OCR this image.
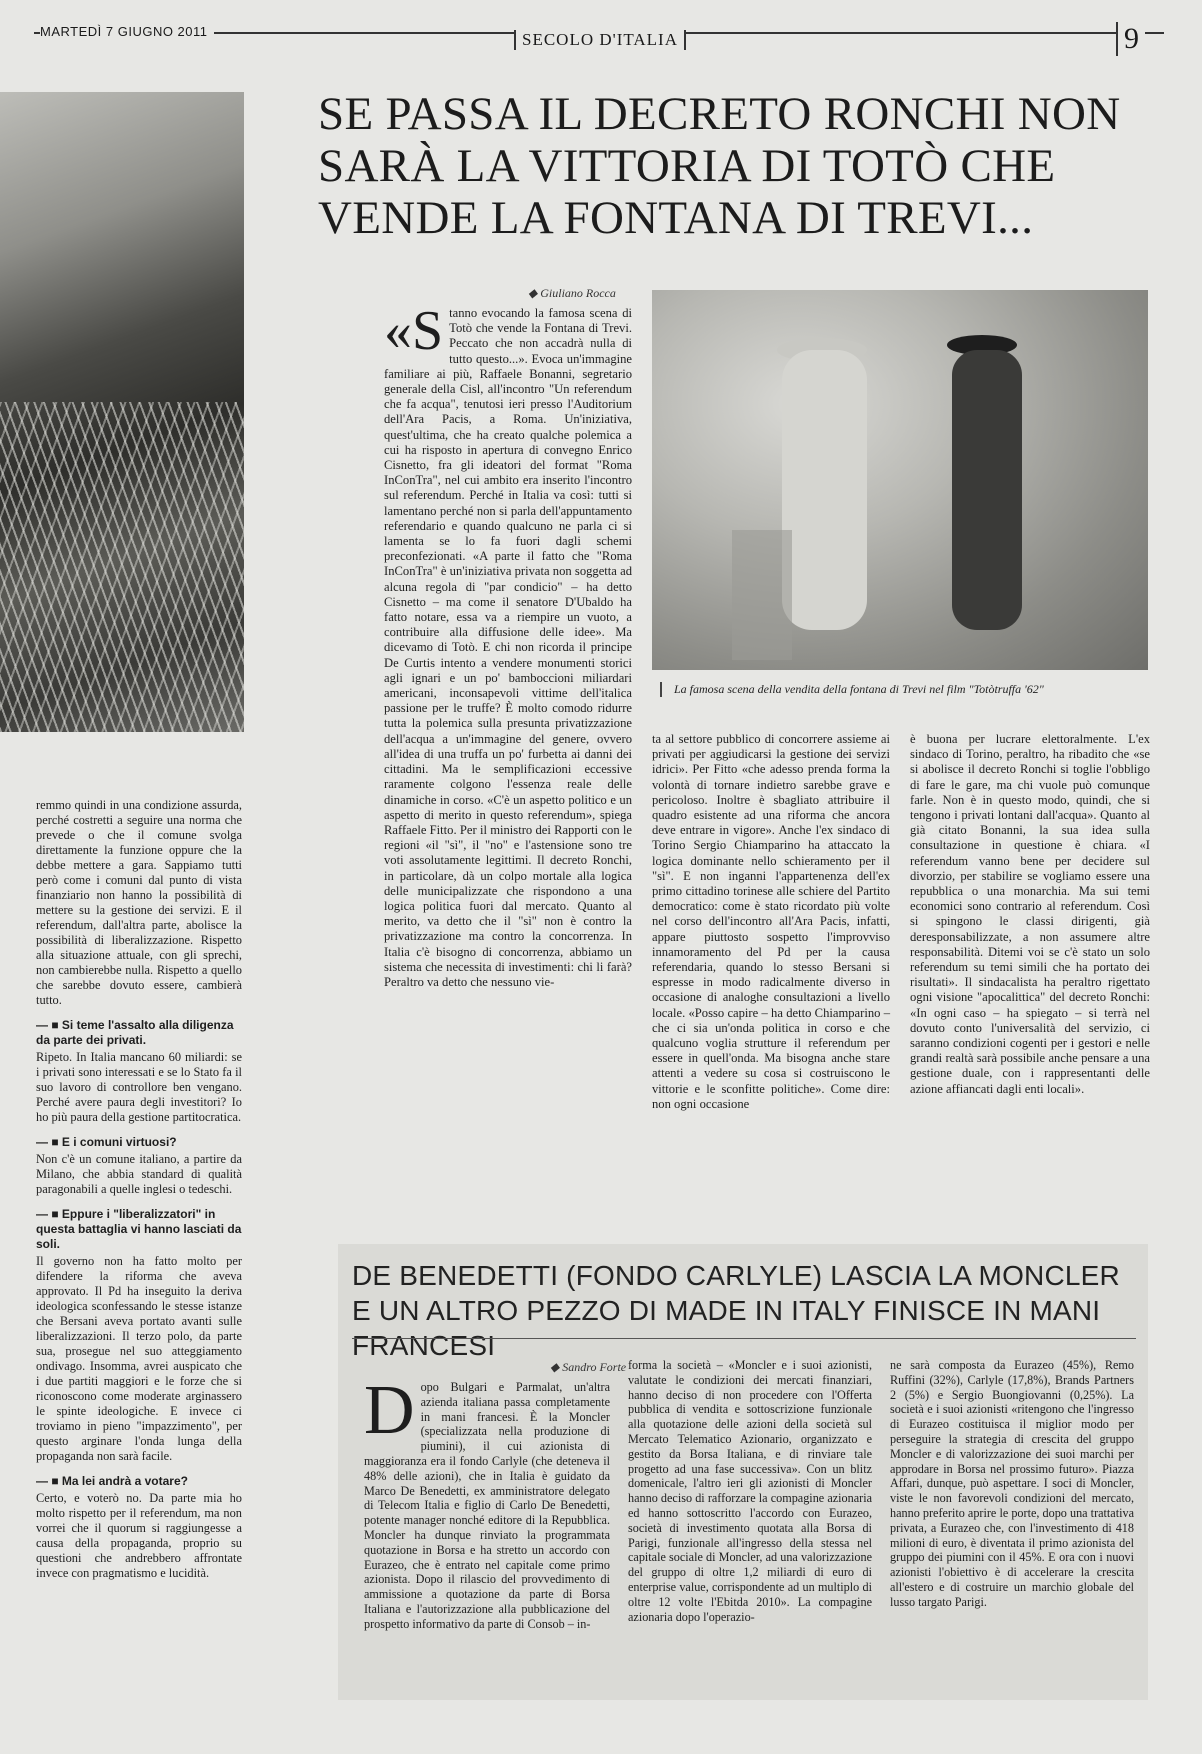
MARTEDÌ 7 GIUGNO 2011	SECOLO D'ITALIA	9
SE PASSA IL DECRETO RONCHI NON SARÀ LA VITTORIA DI TOTÒ CHE VENDE LA FONTANA DI TREVI...
◆ Giuliano Rocca
«S tanno evocando la famosa scena di Totò che vende la Fontana di Trevi. Peccato che non accadrà nulla di tutto questo...». Evoca un'immagine familiare ai più, Raffaele Bonanni, segretario generale della Cisl, all'incontro "Un referendum che fa acqua", tenutosi ieri presso l'Auditorium dell'Ara Pacis, a Roma. Un'iniziativa, quest'ultima, che ha creato qualche polemica a cui ha risposto in apertura di convegno Enrico Cisnetto, fra gli ideatori del format "Roma InConTra", nel cui ambito era inserito l'incontro sul referendum. Perché in Italia va così: tutti si lamentano perché non si parla dell'appuntamento referendario e quando qualcuno ne parla ci si lamenta se lo fa fuori dagli schemi preconfezionati. «A parte il fatto che "Roma InConTra" è un'iniziativa privata non soggetta ad alcuna regola di "par condicio" – ha detto Cisnetto – ma come il senatore D'Ubaldo ha fatto notare, essa va a riempire un vuoto, a contribuire alla diffusione delle idee». Ma dicevamo di Totò. E chi non ricorda il principe De Curtis intento a vendere monumenti storici agli ignari e un po' bamboccioni miliardari americani, inconsapevoli vittime dell'italica passione per le truffe? È molto comodo ridurre tutta la polemica sulla presunta privatizzazione dell'acqua a un'immagine del genere, ovvero all'idea di una truffa un po' furbetta ai danni dei cittadini. Ma le semplificazioni eccessive raramente colgono l'essenza reale delle dinamiche in corso. «C'è un aspetto politico e un aspetto di merito in questo referendum», spiega Raffaele Fitto. Per il ministro dei Rapporti con le regioni «il "sì", il "no" e l'astensione sono tre voti assolutamente legittimi. Il decreto Ronchi, in particolare, dà un colpo mortale alla logica delle municipalizzate che rispondono a una logica politica fuori dal mercato. Quanto al merito, va detto che il "sì" non è contro la privatizzazione ma contro la concorrenza. In Italia c'è bisogno di concorrenza, abbiamo un sistema che necessita di investimenti: chi li farà? Peraltro va detto che nessuno vie-
La famosa scena della vendita della fontana di Trevi nel film "Totòtruffa '62"
ta al settore pubblico di concorrere assieme ai privati per aggiudicarsi la gestione dei servizi idrici». Per Fitto «che adesso prenda forma la volontà di tornare indietro sarebbe grave e pericoloso. Inoltre è sbagliato attribuire il quadro esistente ad una riforma che ancora deve entrare in vigore». Anche l'ex sindaco di Torino Sergio Chiamparino ha attaccato la logica dominante nello schieramento per il "sì". E non inganni l'appartenenza dell'ex primo cittadino torinese alle schiere del Partito democratico: come è stato ricordato più volte nel corso dell'incontro all'Ara Pacis, infatti, appare piuttosto sospetto l'improvviso innamoramento del Pd per la causa referendaria, quando lo stesso Bersani si espresse in modo radicalmente diverso in occasione di analoghe consultazioni a livello locale. «Posso capire – ha detto Chiamparino – che ci sia un'onda politica in corso e che qualcuno voglia strutture il referendum per essere in quell'onda. Ma bisogna anche stare attenti a vedere su cosa si costruiscono le vittorie e le sconfitte politiche». Come dire: non ogni occasione
è buona per lucrare elettoralmente. L'ex sindaco di Torino, peraltro, ha ribadito che «se si abolisce il decreto Ronchi si toglie l'obbligo di fare le gare, ma chi vuole può comunque farle. Non è in questo modo, quindi, che si tengono i privati lontani dall'acqua». Quanto al già citato Bonanni, la sua idea sulla consultazione in questione è chiara. «I referendum vanno bene per decidere sul divorzio, per stabilire se vogliamo essere una repubblica o una monarchia. Ma sui temi economici sono contrario al referendum. Così si spingono le classi dirigenti, già deresponsabilizzate, a non assumere altre responsabilità. Ditemi voi se c'è stato un solo referendum su temi simili che ha portato dei risultati». Il sindacalista ha peraltro rigettato ogni visione "apocalittica" del decreto Ronchi: «In ogni caso – ha spiegato – si terrà nel dovuto conto l'universalità del servizio, ci saranno condizioni cogenti per i gestori e nelle grandi realtà sarà possibile anche pensare a una gestione duale, con i rappresentanti delle azione affiancati dagli enti locali».

remmo quindi in una condizione assurda, perché costretti a seguire una norma che prevede o che il comune svolga direttamente la funzione oppure che la debbe mettere a gara. Sappiamo tutti però come i comuni dal punto di vista finanziario non hanno la possibilità di mettere su la gestione dei servizi. E il referendum, dall'altra parte, abolisce la possibilità di liberalizzazione. Rispetto alla situazione attuale, con gli sprechi, non cambierebbe nulla. Rispetto a quello che sarebbe dovuto essere, cambierà tutto.

— ■ Si teme l'assalto alla diligenza da parte dei privati.

Ripeto. In Italia mancano 60 miliardi: se i privati sono interessati e se lo Stato fa il suo lavoro di controllore ben vengano. Perché avere paura degli investitori? Io ho più paura della gestione partitocratica.

— ■ E i comuni virtuosi?

Non c'è un comune italiano, a partire da Milano, che abbia standard di qualità paragonabili a quelle inglesi o tedeschi.

— ■ Eppure i "liberalizzatori" in questa battaglia vi hanno lasciati da soli.

Il governo non ha fatto molto per difendere la riforma che aveva approvato. Il Pd ha inseguito la deriva ideologica sconfessando le stesse istanze che Bersani aveva portato avanti sulle liberalizzazioni. Il terzo polo, da parte sua, prosegue nel suo atteggiamento ondivago. Insomma, avrei auspicato che i due partiti maggiori e le forze che si riconoscono come moderate arginassero le spinte ideologiche. E invece ci troviamo in pieno "impazzimento", per questo arginare l'onda lunga della propaganda non sarà facile.

— ■ Ma lei andrà a votare?

Certo, e voterò no. Da parte mia ho molto rispetto per il referendum, ma non vorrei che il quorum si raggiungesse a causa della propaganda, proprio su questioni che andrebbero affrontate invece con pragmatismo e lucidità.

DE BENEDETTI (FONDO CARLYLE) LASCIA LA MONCLER
E UN ALTRO PEZZO DI MADE IN ITALY FINISCE IN MANI FRANCESI
◆ Sandro Forte
D opo Bulgari e Parmalat, un'altra azienda italiana passa completamente in mani francesi. È la Moncler (specializzata nella produzione di piumini), il cui azionista di maggioranza era il fondo Carlyle (che deteneva il 48% delle azioni), che in Italia è guidato da Marco De Benedetti, ex amministratore delegato di Telecom Italia e figlio di Carlo De Benedetti, potente manager nonché editore di la Repubblica. Moncler ha dunque rinviato la programmata quotazione in Borsa e ha stretto un accordo con Eurazeo, che è entrato nel capitale come primo azionista. Dopo il rilascio del provvedimento di ammissione a quotazione da parte di Borsa Italiana e l'autorizzazione alla pubblicazione del prospetto informativo da parte di Consob – in-
forma la società – «Moncler e i suoi azionisti, valutate le condizioni dei mercati finanziari, hanno deciso di non procedere con l'Offerta pubblica di vendita e sottoscrizione funzionale alla quotazione delle azioni della società sul Mercato Telematico Azionario, organizzato e gestito da Borsa Italiana, e di rinviare tale progetto ad una fase successiva». Con un blitz domenicale, l'altro ieri gli azionisti di Moncler hanno deciso di rafforzare la compagine azionaria ed hanno sottoscritto l'accordo con Eurazeo, società di investimento quotata alla Borsa di Parigi, funzionale all'ingresso della stessa nel capitale sociale di Moncler, ad una valorizzazione del gruppo di oltre 1,2 miliardi di euro di enterprise value, corrispondente ad un multiplo di oltre 12 volte l'Ebitda 2010». La compagine azionaria dopo l'operazio-
ne sarà composta da Eurazeo (45%), Remo Ruffini (32%), Carlyle (17,8%), Brands Partners 2 (5%) e Sergio Buongiovanni (0,25%). La società e i suoi azionisti «ritengono che l'ingresso di Eurazeo costituisca il miglior modo per perseguire la strategia di crescita del gruppo Moncler e di valorizzazione dei suoi marchi per approdare in Borsa nel prossimo futuro». Piazza Affari, dunque, può aspettare. I soci di Moncler, viste le non favorevoli condizioni del mercato, hanno preferito aprire le porte, dopo una trattativa privata, a Eurazeo che, con l'investimento di 418 milioni di euro, è diventata il primo azionista del gruppo dei piumini con il 45%. E ora con i nuovi azionisti l'obiettivo è di accelerare la crescita all'estero e di costruire un marchio globale del lusso targato Parigi.
